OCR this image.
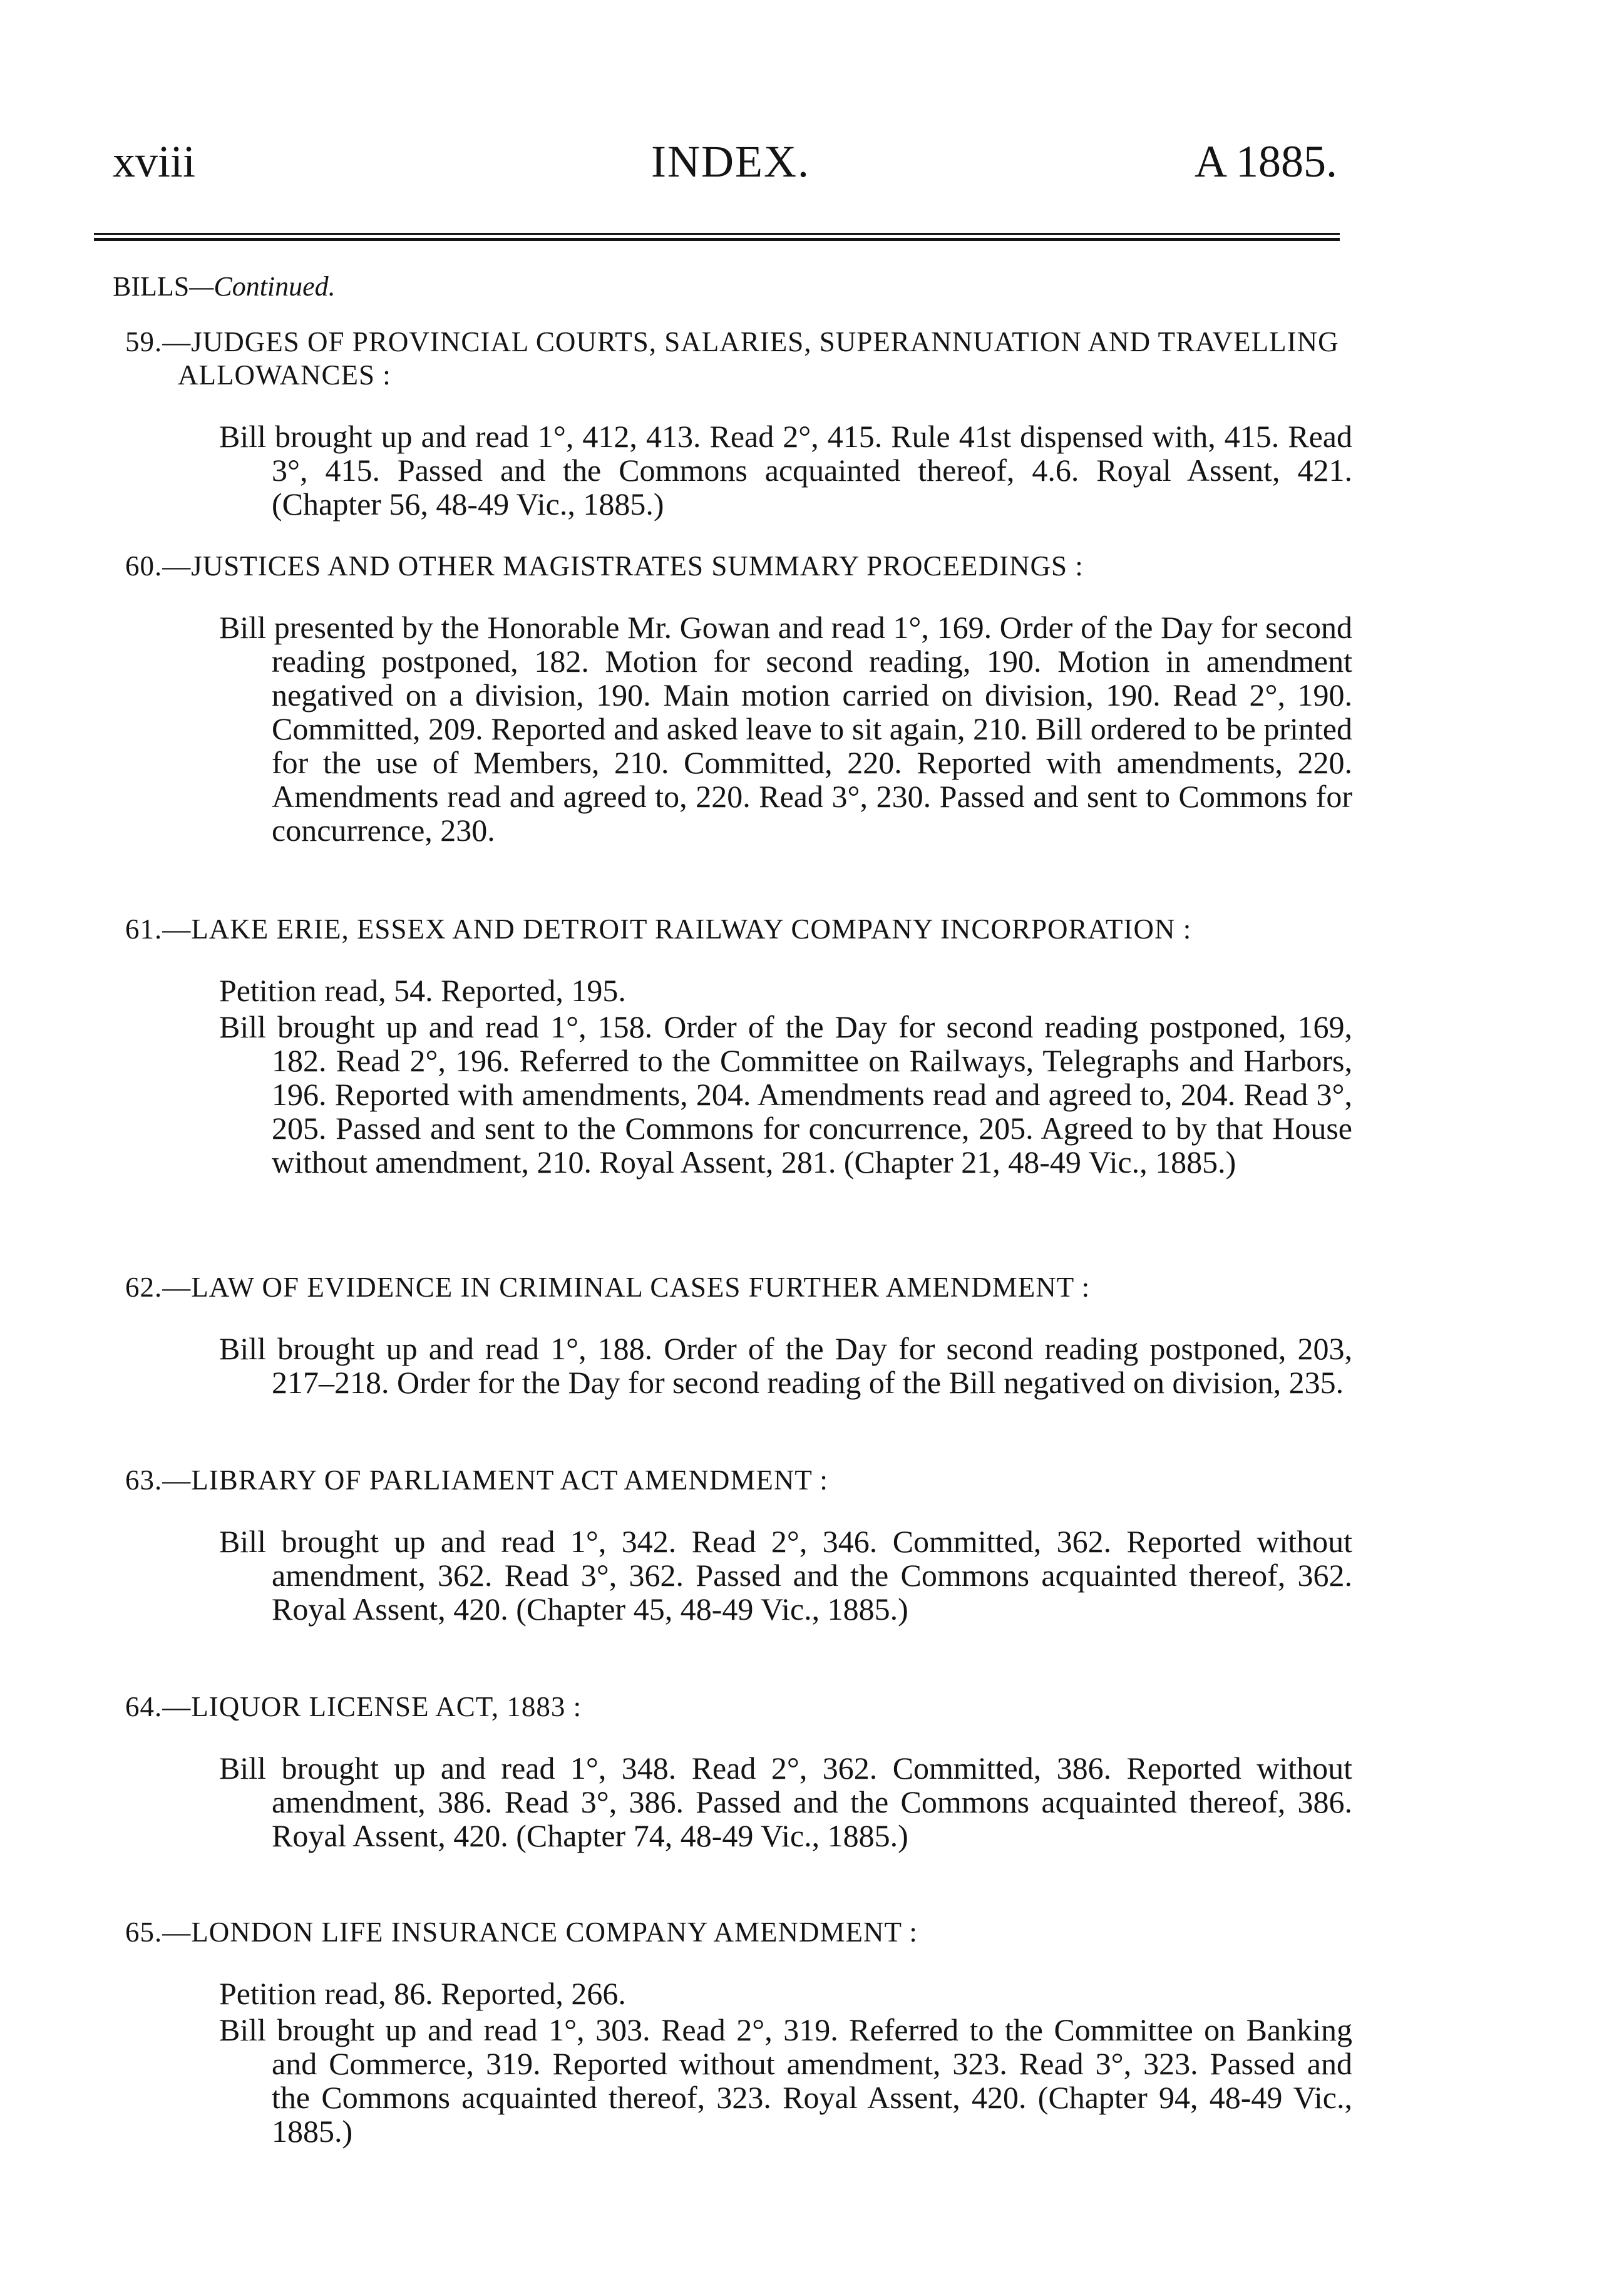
xviii	INDEX.	A 1885.
BILLS—Continued.
59.—JUDGES OF PROVINCIAL COURTS, SALARIES, SUPERANNUATION AND TRAVELLING ALLOWANCES :
Bill brought up and read 1°, 412, 413. Read 2°, 415. Rule 41st dispensed with, 415. Read 3°, 415. Passed and the Commons acquainted thereof, 4.6. Royal Assent, 421. (Chapter 56, 48-49 Vic., 1885.)
60.—JUSTICES AND OTHER MAGISTRATES SUMMARY PROCEEDINGS :
Bill presented by the Honorable Mr. Gowan and read 1°, 169. Order of the Day for second reading postponed, 182. Motion for second reading, 190. Motion in amendment negatived on a division, 190. Main motion carried on division, 190. Read 2°, 190. Committed, 209. Reported and asked leave to sit again, 210. Bill ordered to be printed for the use of Members, 210. Committed, 220. Reported with amendments, 220. Amendments read and agreed to, 220. Read 3°, 230. Passed and sent to Commons for concurrence, 230.
61.—LAKE ERIE, ESSEX AND DETROIT RAILWAY COMPANY INCORPORATION :
Petition read, 54. Reported, 195.
Bill brought up and read 1°, 158. Order of the Day for second reading postponed, 169, 182. Read 2°, 196. Referred to the Committee on Railways, Telegraphs and Harbors, 196. Reported with amendments, 204. Amendments read and agreed to, 204. Read 3°, 205. Passed and sent to the Commons for concurrence, 205. Agreed to by that House without amendment, 210. Royal Assent, 281. (Chapter 21, 48-49 Vic., 1885.)
62.—LAW OF EVIDENCE IN CRIMINAL CASES FURTHER AMENDMENT :
Bill brought up and read 1°, 188. Order of the Day for second reading postponed, 203, 217–218. Order for the Day for second reading of the Bill negatived on division, 235.
63.—LIBRARY OF PARLIAMENT ACT AMENDMENT :
Bill brought up and read 1°, 342. Read 2°, 346. Committed, 362. Reported without amendment, 362. Read 3°, 362. Passed and the Commons acquainted thereof, 362. Royal Assent, 420. (Chapter 45, 48-49 Vic., 1885.)
64.—LIQUOR LICENSE ACT, 1883 :
Bill brought up and read 1°, 348. Read 2°, 362. Committed, 386. Reported without amendment, 386. Read 3°, 386. Passed and the Commons acquainted thereof, 386. Royal Assent, 420. (Chapter 74, 48-49 Vic., 1885.)
65.—LONDON LIFE INSURANCE COMPANY AMENDMENT :
Petition read, 86. Reported, 266.
Bill brought up and read 1°, 303. Read 2°, 319. Referred to the Committee on Banking and Commerce, 319. Reported without amendment, 323. Read 3°, 323. Passed and the Commons acquainted thereof, 323. Royal Assent, 420. (Chapter 94, 48-49 Vic., 1885.)
